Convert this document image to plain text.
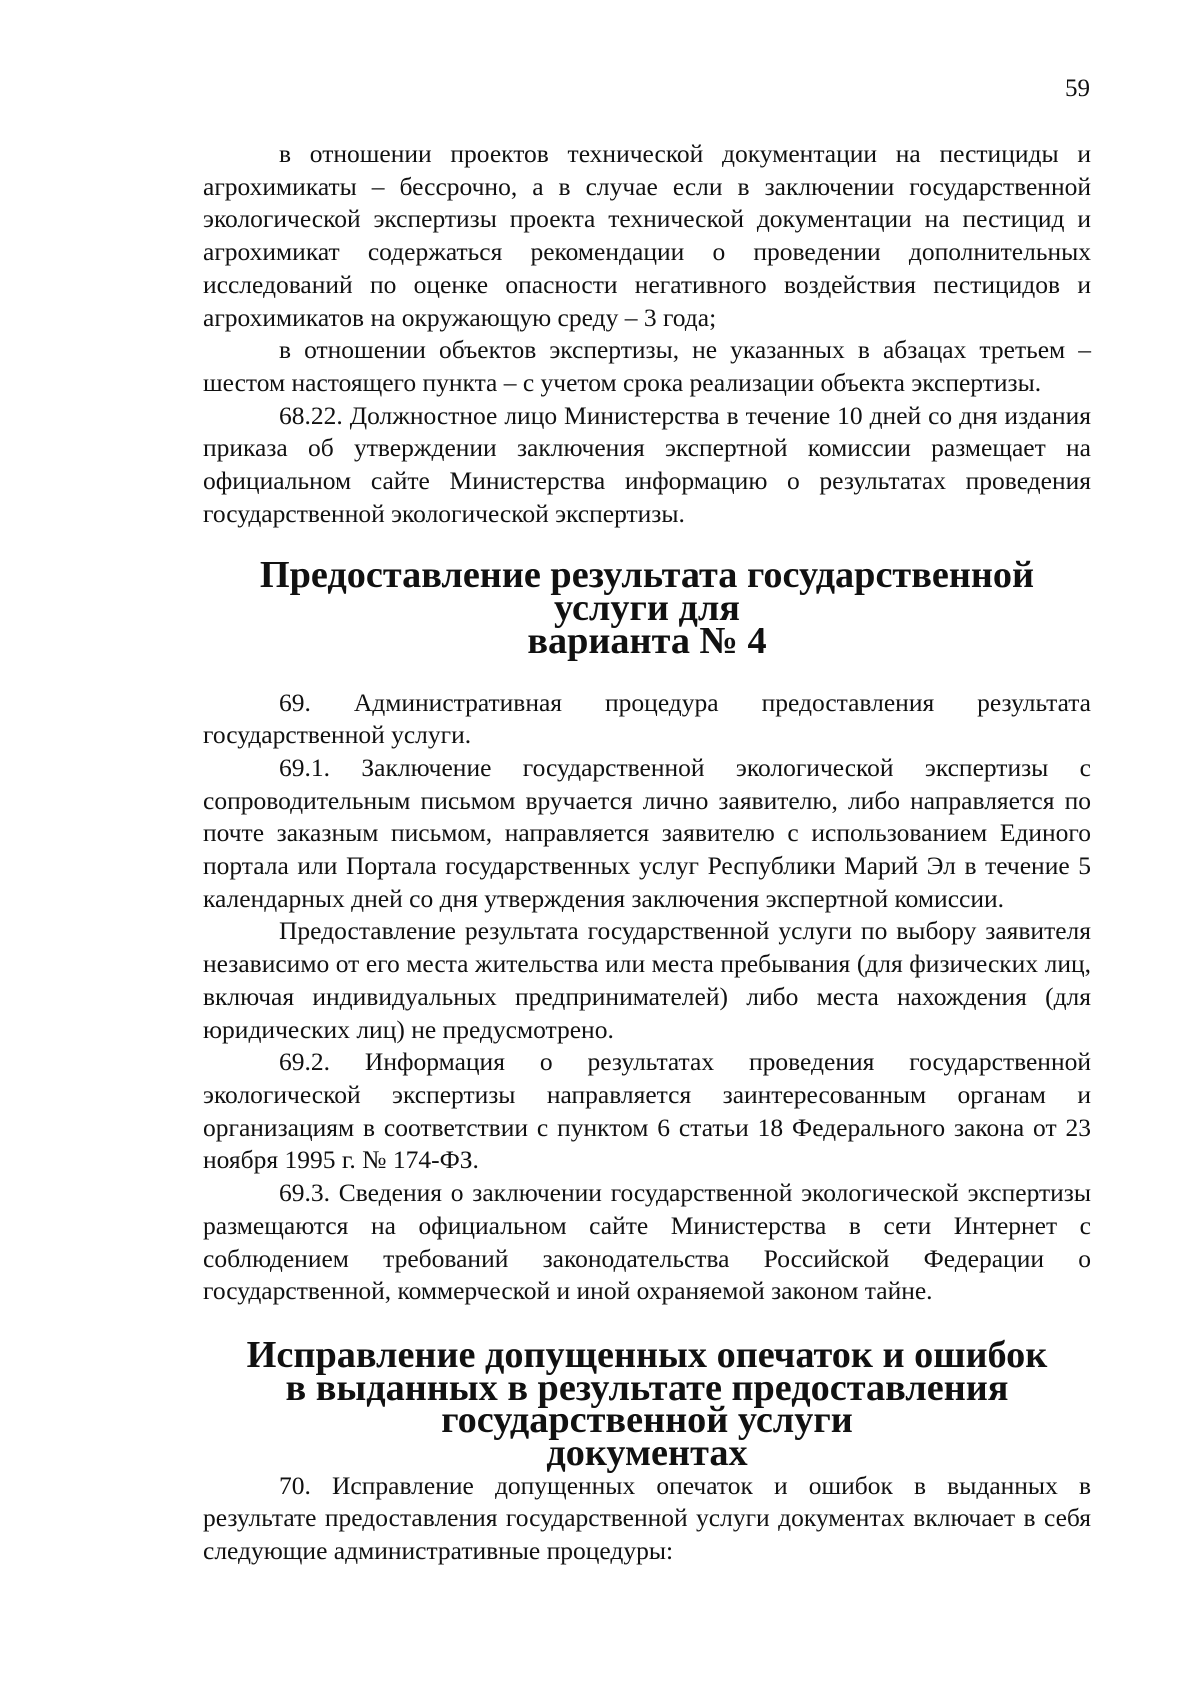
59

в отношении проектов технической документации на пестициды и агрохимикаты – бессрочно, а в случае если в заключении государственной экологической экспертизы проекта технической документации на пестицид и агрохимикат содержаться рекомендации о проведении дополнительных исследований по оценке опасности негативного воздействия пестицидов и агрохимикатов на окружающую среду – 3 года;

в отношении объектов экспертизы, не указанных в абзацах третьем – шестом настоящего пункта – с учетом срока реализации объекта экспертизы.

68.22. Должностное лицо Министерства в течение 10 дней со дня издания приказа об утверждении заключения экспертной комиссии размещает на официальном сайте Министерства информацию о результатах проведения государственной экологической экспертизы.

Предоставление результата государственной услуги для
варианта № 4

69. Административная процедура предоставления результата государственной услуги.

69.1. Заключение государственной экологической экспертизы с сопроводительным письмом вручается лично заявителю, либо направляется по почте заказным письмом, направляется заявителю с использованием Единого портала или Портала государственных услуг Республики Марий Эл в течение 5 календарных дней со дня утверждения заключения экспертной комиссии.

Предоставление результата государственной услуги по выбору заявителя независимо от его места жительства или места пребывания (для физических лиц, включая индивидуальных предпринимателей) либо места нахождения (для юридических лиц) не предусмотрено.

69.2. Информация о результатах проведения государственной экологической экспертизы направляется заинтересованным органам и организациям в соответствии с пунктом 6 статьи 18 Федерального закона от 23 ноября 1995 г. № 174-ФЗ.

69.3. Сведения о заключении государственной экологической экспертизы размещаются на официальном сайте Министерства в сети Интернет с соблюдением требований законодательства Российской Федерации о государственной, коммерческой и иной охраняемой законом тайне.

Исправление допущенных опечаток и ошибок
в выданных в результате предоставления государственной услуги
документах

70. Исправление допущенных опечаток и ошибок в выданных в результате предоставления государственной услуги документах включает в себя следующие административные процедуры:
